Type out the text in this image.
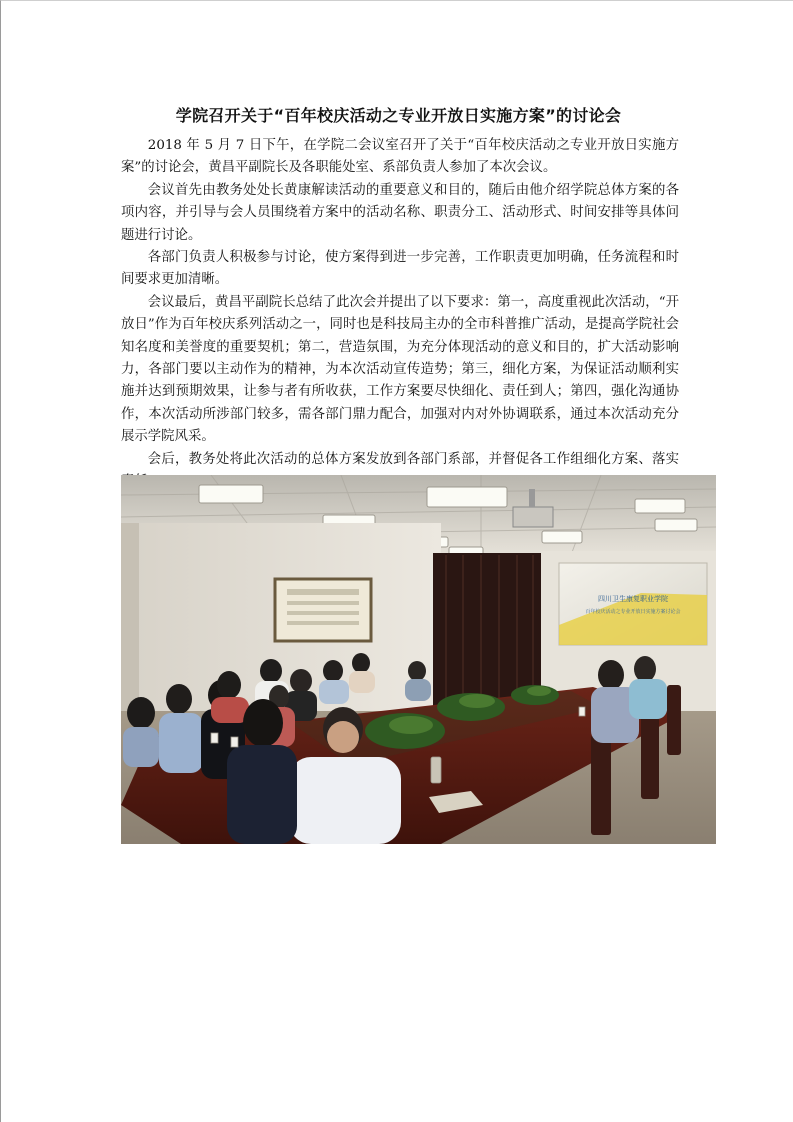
学院召开关于“百年校庆活动之专业开放日实施方案”的讨论会

2018 年 5 月 7 日下午，在学院二会议室召开了关于“百年校庆活动之专业开放日实施方案”的讨论会，黄昌平副院长及各职能处室、系部负责人参加了本次会议。

会议首先由教务处处长黄康解读活动的重要意义和目的，随后由他介绍学院总体方案的各项内容，并引导与会人员围绕着方案中的活动名称、职责分工、活动形式、时间安排等具体问题进行讨论。

各部门负责人积极参与讨论，使方案得到进一步完善，工作职责更加明确，任务流程和时间要求更加清晰。

会议最后，黄昌平副院长总结了此次会并提出了以下要求：第一，高度重视此次活动，“开放日”作为百年校庆系列活动之一，同时也是科技局主办的全市科普推广活动，是提高学院社会知名度和美誉度的重要契机；第二，营造氛围，为充分体现活动的意义和目的，扩大活动影响力，各部门要以主动作为的精神，为本次活动宣传造势；第三，细化方案，为保证活动顺利实施并达到预期效果，让参与者有所收获，工作方案要尽快细化、责任到人；第四，强化沟通协作，本次活动所涉部门较多，需各部门鼎力配合，加强对内对外协调联系，通过本次活动充分展示学院风采。

会后，教务处将此次活动的总体方案发放到各部门系部，并督促各工作组细化方案、落实

四川卫生康复职业学院
百年校庆活动之专业开放日实施方案讨论会
